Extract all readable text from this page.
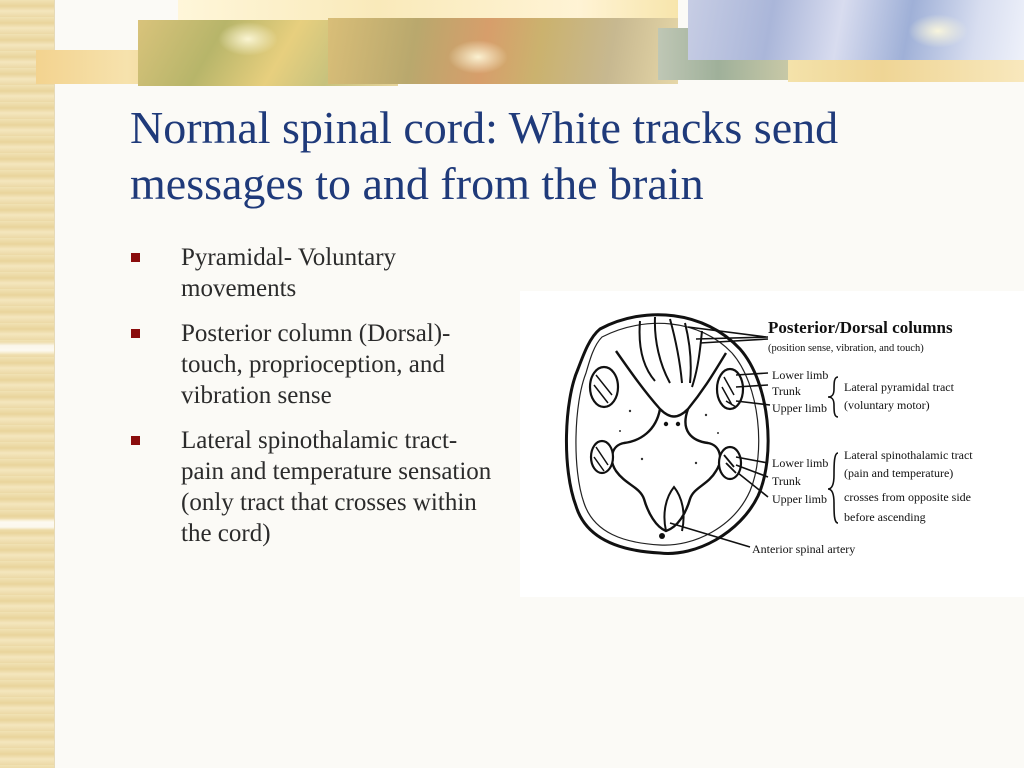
Normal spinal cord: White tracks send messages to and from the brain
Pyramidal- Voluntary movements
Posterior column (Dorsal)- touch, proprioception, and vibration sense
Lateral spinothalamic tract- pain and temperature sensation (only tract that crosses within the cord)
Posterior/Dorsal columns
(position sense, vibration, and touch)
Lower limb
Trunk
Upper limb
Lateral pyramidal tract
(voluntary motor)
Lower limb
Trunk
Upper limb
Lateral spinothalamic tract
(pain and temperature)
crosses from opposite side
before ascending
Anterior spinal artery
